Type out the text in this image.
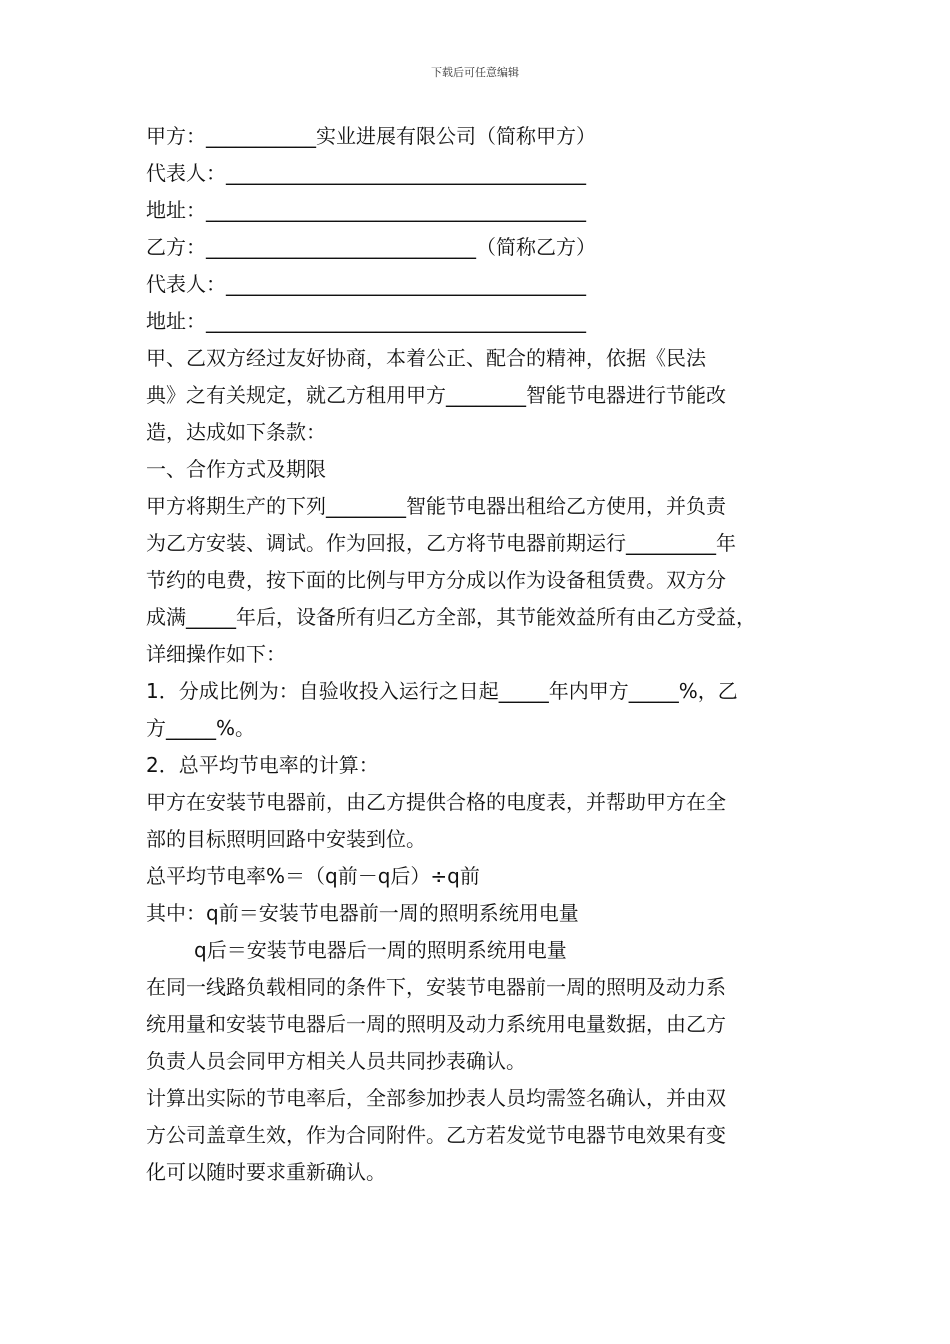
下载后可任意编辑
甲方：___________实业进展有限公司（简称甲方）
代表人：____________________________________
地址：______________________________________
乙方：___________________________（简称乙方）
代表人：____________________________________
地址：______________________________________
甲、乙双方经过友好协商，本着公正、配合的精神，依据《民法
典》之有关规定，就乙方租用甲方________智能节电器进行节能改
造，达成如下条款：
一、合作方式及期限
甲方将期生产的下列________智能节电器出租给乙方使用，并负责
为乙方安装、调试。作为回报，乙方将节电器前期运行_________年
节约的电费，按下面的比例与甲方分成以作为设备租赁费。双方分
成满_____年后，设备所有归乙方全部，其节能效益所有由乙方受益，
详细操作如下：
1．分成比例为：自验收投入运行之日起_____年内甲方_____%，乙
方_____%。
2．总平均节电率的计算：
甲方在安装节电器前，由乙方提供合格的电度表，并帮助甲方在全
部的目标照明回路中安装到位。
总平均节电率%＝（q前－q后）÷q前
其中：q前＝安装节电器前一周的照明系统用电量
q后＝安装节电器后一周的照明系统用电量
在同一线路负载相同的条件下，安装节电器前一周的照明及动力系
统用量和安装节电器后一周的照明及动力系统用电量数据，由乙方
负责人员会同甲方相关人员共同抄表确认。
计算出实际的节电率后，全部参加抄表人员均需签名确认，并由双
方公司盖章生效，作为合同附件。乙方若发觉节电器节电效果有变
化可以随时要求重新确认。
